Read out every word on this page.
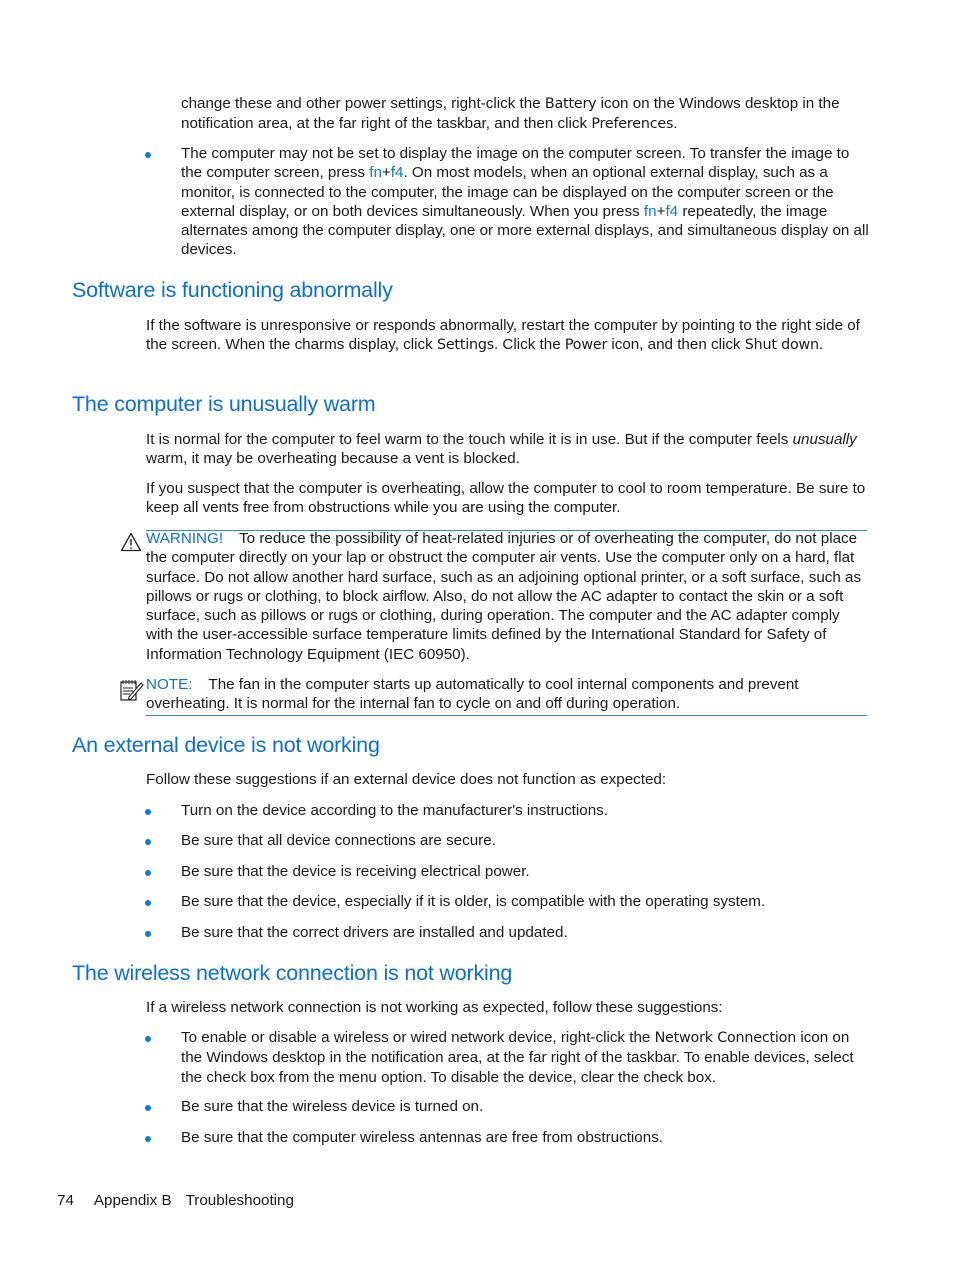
change these and other power settings, right-click the Battery icon on the Windows desktop in the notification area, at the far right of the taskbar, and then click Preferences.

The computer may not be set to display the image on the computer screen. To transfer the image to the computer screen, press fn+f4. On most models, when an optional external display, such as a monitor, is connected to the computer, the image can be displayed on the computer screen or the external display, or on both devices simultaneously. When you press fn+f4 repeatedly, the image alternates among the computer display, one or more external displays, and simultaneous display on all devices.

Software is functioning abnormally

If the software is unresponsive or responds abnormally, restart the computer by pointing to the right side of the screen. When the charms display, click Settings. Click the Power icon, and then click Shut down.

The computer is unusually warm

It is normal for the computer to feel warm to the touch while it is in use. But if the computer feels unusually warm, it may be overheating because a vent is blocked.

If you suspect that the computer is overheating, allow the computer to cool to room temperature. Be sure to keep all vents free from obstructions while you are using the computer.

WARNING! To reduce the possibility of heat-related injuries or of overheating the computer, do not place the computer directly on your lap or obstruct the computer air vents. Use the computer only on a hard, flat surface. Do not allow another hard surface, such as an adjoining optional printer, or a soft surface, such as pillows or rugs or clothing, to block airflow. Also, do not allow the AC adapter to contact the skin or a soft surface, such as pillows or rugs or clothing, during operation. The computer and the AC adapter comply with the user-accessible surface temperature limits defined by the International Standard for Safety of Information Technology Equipment (IEC 60950).

NOTE: The fan in the computer starts up automatically to cool internal components and prevent overheating. It is normal for the internal fan to cycle on and off during operation.

An external device is not working

Follow these suggestions if an external device does not function as expected:

Turn on the device according to the manufacturer's instructions.

Be sure that all device connections are secure.

Be sure that the device is receiving electrical power.

Be sure that the device, especially if it is older, is compatible with the operating system.

Be sure that the correct drivers are installed and updated.

The wireless network connection is not working

If a wireless network connection is not working as expected, follow these suggestions:

To enable or disable a wireless or wired network device, right-click the Network Connection icon on the Windows desktop in the notification area, at the far right of the taskbar. To enable devices, select the check box from the menu option. To disable the device, clear the check box.

Be sure that the wireless device is turned on.

Be sure that the computer wireless antennas are free from obstructions.

74 Appendix B Troubleshooting
